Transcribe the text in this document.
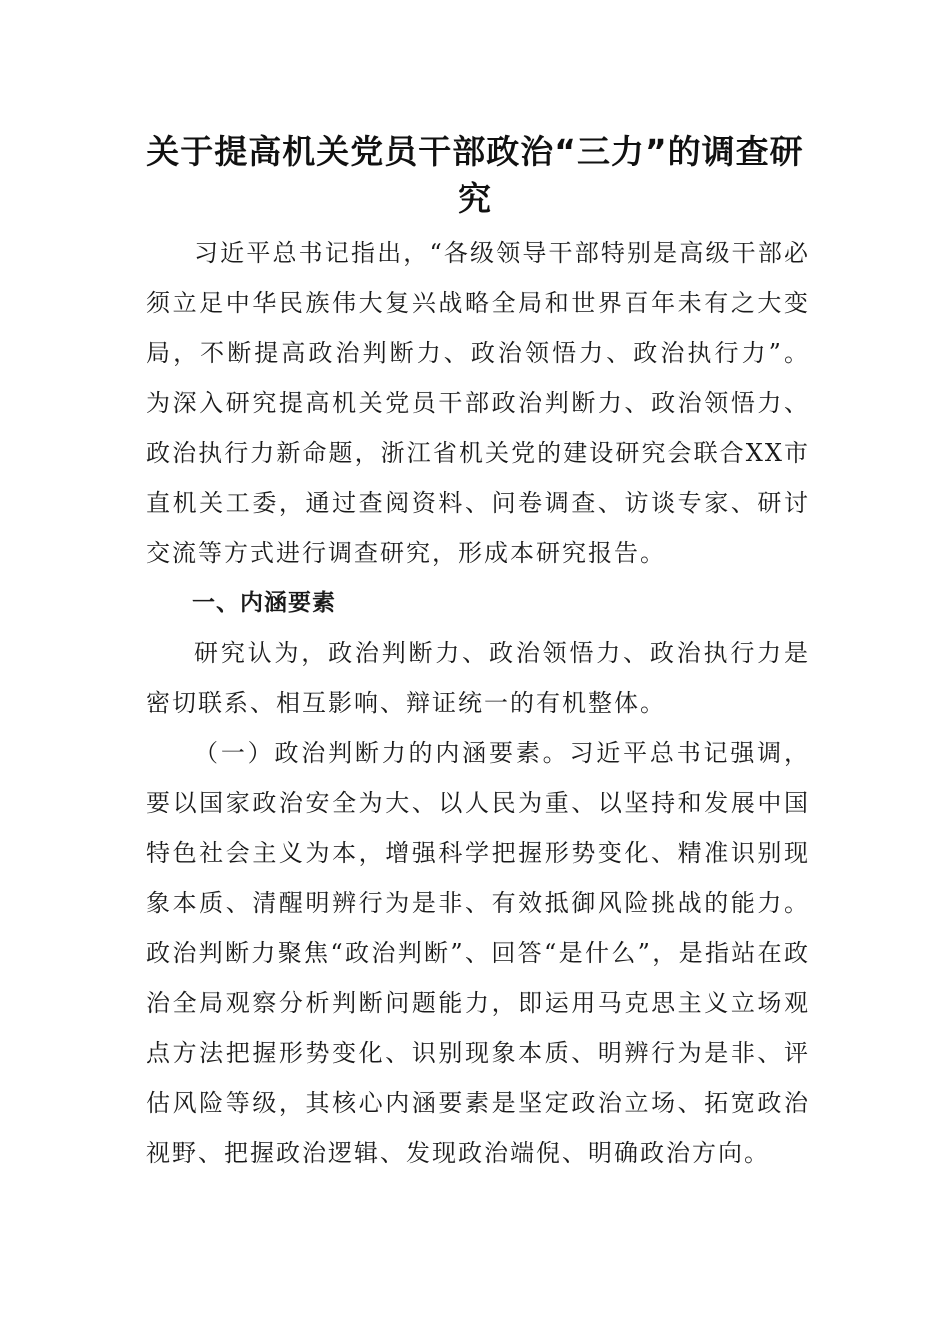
关于提高机关党员干部政治“三力”的调查研究

习近平总书记指出，“各级领导干部特别是高级干部必须立足中华民族伟大复兴战略全局和世界百年未有之大变局，不断提高政治判断力、政治领悟力、政治执行力”。为深入研究提高机关党员干部政治判断力、政治领悟力、政治执行力新命题，浙江省机关党的建设研究会联合XX市直机关工委，通过查阅资料、问卷调查、访谈专家、研讨交流等方式进行调查研究，形成本研究报告。

一、内涵要素

研究认为，政治判断力、政治领悟力、政治执行力是密切联系、相互影响、辩证统一的有机整体。

（一）政治判断力的内涵要素。习近平总书记强调，要以国家政治安全为大、以人民为重、以坚持和发展中国特色社会主义为本，增强科学把握形势变化、精准识别现象本质、清醒明辨行为是非、有效抵御风险挑战的能力。政治判断力聚焦“政治判断”、回答“是什么”，是指站在政治全局观察分析判断问题能力，即运用马克思主义立场观点方法把握形势变化、识别现象本质、明辨行为是非、评估风险等级，其核心内涵要素是坚定政治立场、拓宽政治视野、把握政治逻辑、发现政治端倪、明确政治方向。
